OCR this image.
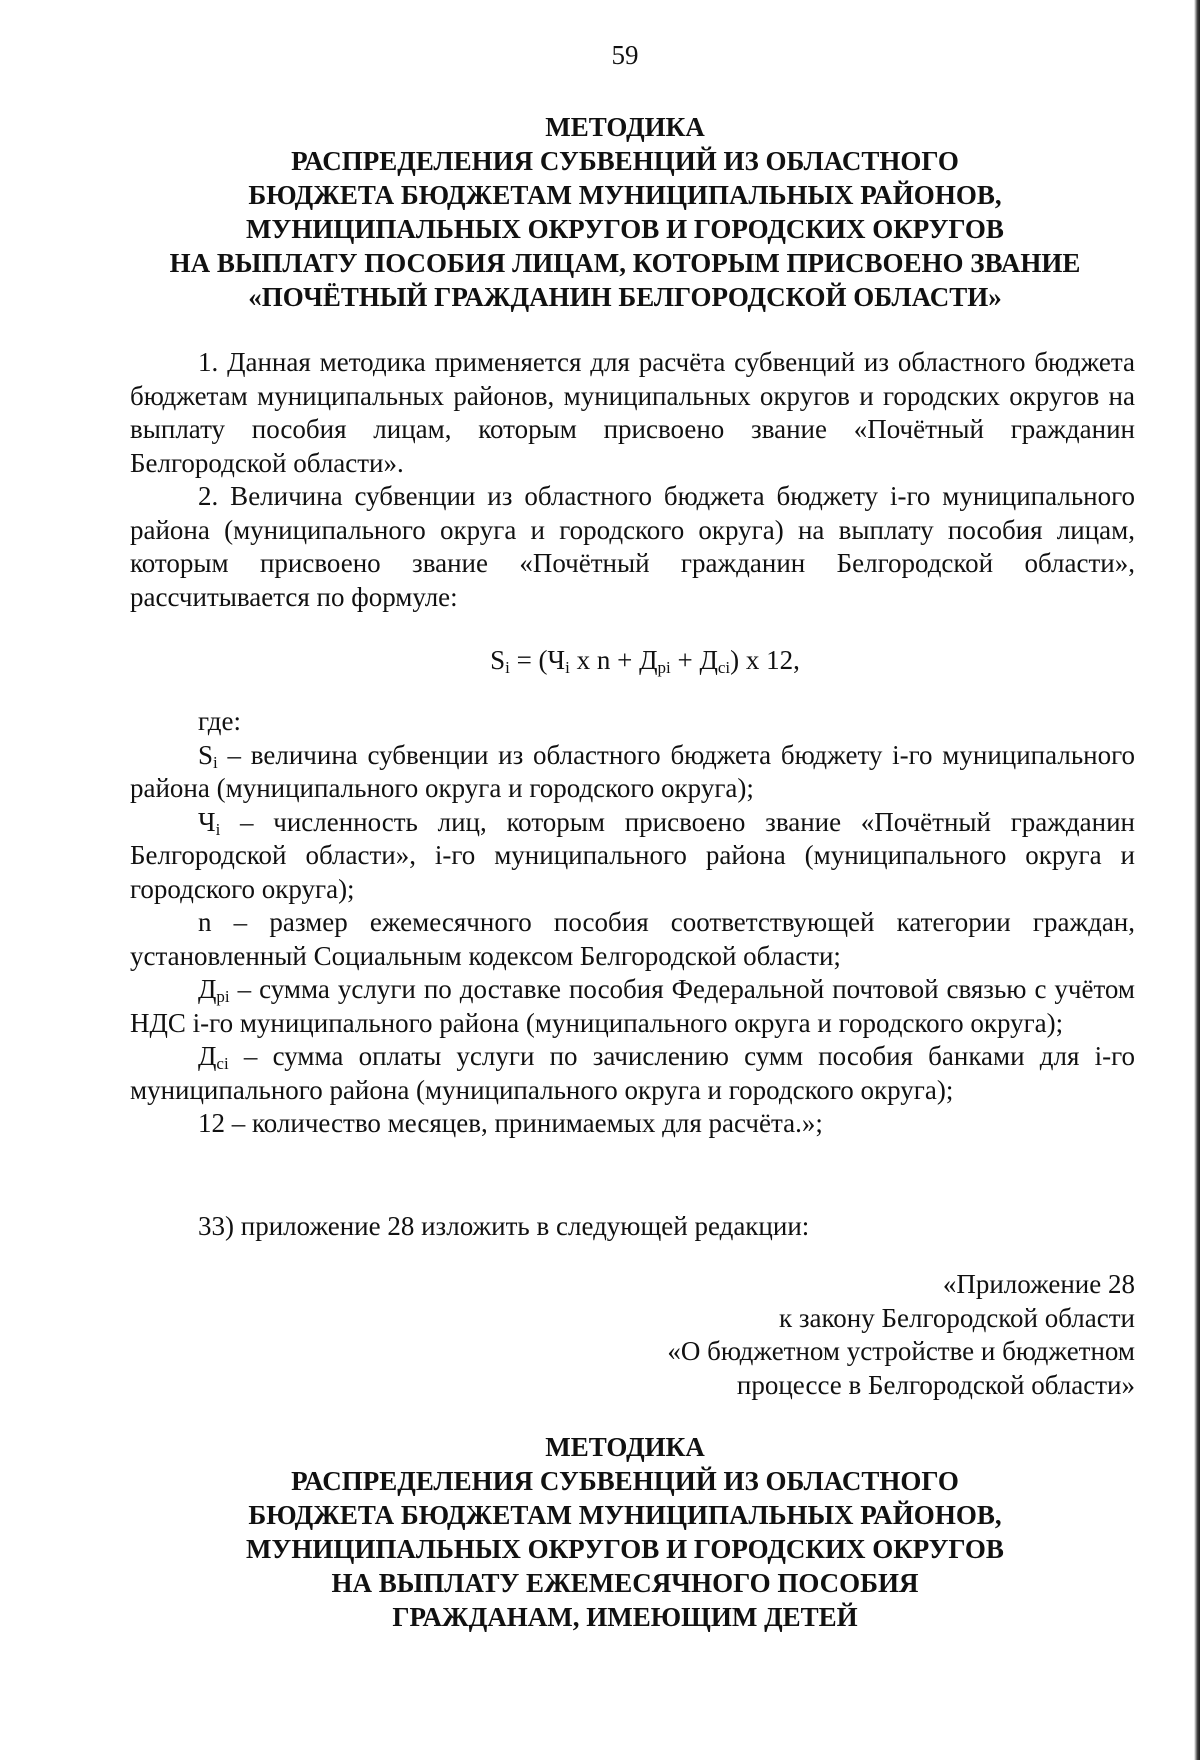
59
МЕТОДИКА
РАСПРЕДЕЛЕНИЯ СУБВЕНЦИЙ ИЗ ОБЛАСТНОГО
БЮДЖЕТА БЮДЖЕТАМ МУНИЦИПАЛЬНЫХ РАЙОНОВ,
МУНИЦИПАЛЬНЫХ ОКРУГОВ И ГОРОДСКИХ ОКРУГОВ
НА ВЫПЛАТУ ПОСОБИЯ ЛИЦАМ, КОТОРЫМ ПРИСВОЕНО ЗВАНИЕ
«ПОЧЁТНЫЙ ГРАЖДАНИН БЕЛГОРОДСКОЙ ОБЛАСТИ»

1. Данная методика применяется для расчёта субвенций из областного бюджета бюджетам муниципальных районов, муниципальных округов и городских округов на выплату пособия лицам, которым присвоено звание «Почётный гражданин Белгородской области».

2. Величина субвенции из областного бюджета бюджету i-го муниципального района (муниципального округа и городского округа) на выплату пособия лицам, которым присвоено звание «Почётный гражданин Белгородской области», рассчитывается по формуле:

$S_i = (Ч_i$ x $n + Д_{pi} + Д_{ci}$) x 12,

где:

$S_i$ – величина субвенции из областного бюджета бюджету i-го муниципального района (муниципального округа и городского округа);

$Ч_i$ – численность лиц, которым присвоено звание «Почётный гражданин Белгородской области», i-го муниципального района (муниципального округа и городского округа);

n – размер ежемесячного пособия соответствующей категории граждан, установленный Социальным кодексом Белгородской области;

$Д_{pi}$ – сумма услуги по доставке пособия Федеральной почтовой связью с учётом НДС i-го муниципального района (муниципального округа и городского округа);

$Д_{ci}$ – сумма оплаты услуги по зачислению сумм пособия банками для i-го муниципального района (муниципального округа и городского округа);

12 – количество месяцев, принимаемых для расчёта.»;

33) приложение 28 изложить в следующей редакции:

«Приложение 28
к закону Белгородской области
«О бюджетном устройстве и бюджетном
процессе в Белгородской области»
МЕТОДИКА
РАСПРЕДЕЛЕНИЯ СУБВЕНЦИЙ ИЗ ОБЛАСТНОГО
БЮДЖЕТА БЮДЖЕТАМ МУНИЦИПАЛЬНЫХ РАЙОНОВ,
МУНИЦИПАЛЬНЫХ ОКРУГОВ И ГОРОДСКИХ ОКРУГОВ
НА ВЫПЛАТУ ЕЖЕМЕСЯЧНОГО ПОСОБИЯ
ГРАЖДАНАМ, ИМЕЮЩИМ ДЕТЕЙ
